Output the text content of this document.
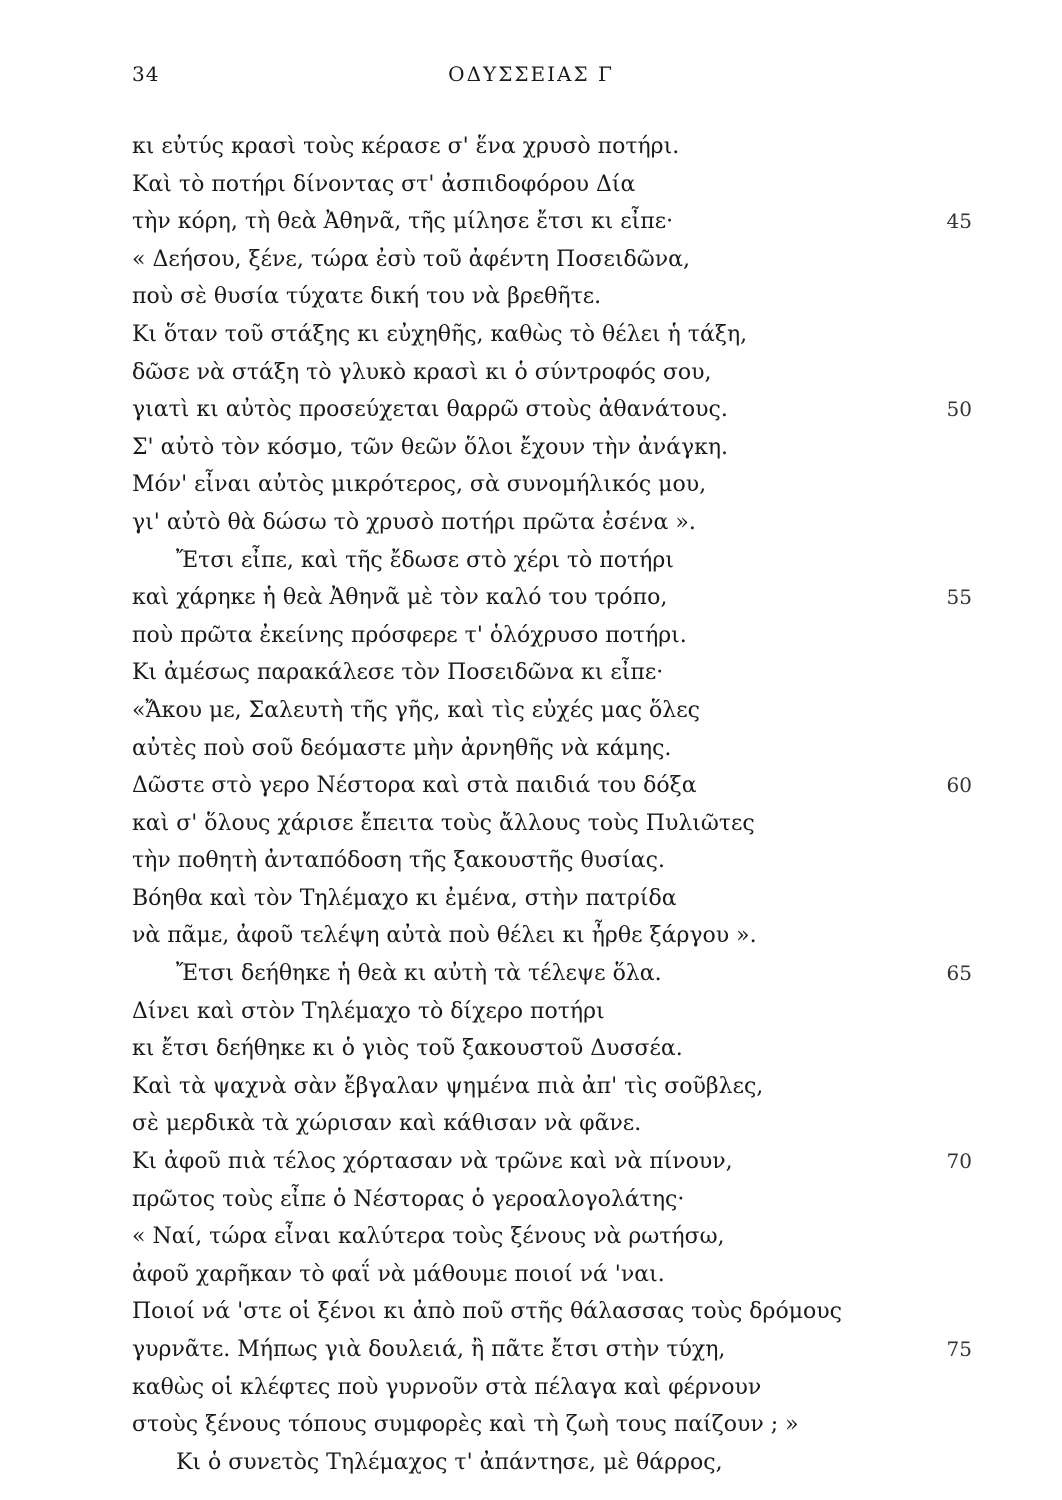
34	ΟΔΥΣΣΕΙΑΣ Γ
κι εὐτύς κρασὶ τοὺς κέρασε σ' ἕνα χρυσὸ ποτήρι.
Καὶ τὸ ποτήρι δίνοντας στ' ἀσπιδοφόρου Δία
τὴν κόρη, τὴ θεὰ Ἀθηνᾶ, τῆς μίλησε ἔτσι κι εἶπε·	45
« Δεήσου, ξένε, τώρα ἐσὺ τοῦ ἀφέντη Ποσειδῶνα,
ποὺ σὲ θυσία τύχατε δική του νὰ βρεθῆτε.
Κι ὅταν τοῦ στάξης κι εὐχηθῆς, καθὼς τὸ θέλει ἡ τάξη,
δῶσε νὰ στάξη τὸ γλυκὸ κρασὶ κι ὁ σύντροφός σου,
γιατὶ κι αὐτὸς προσεύχεται θαρρῶ στοὺς ἀθανάτους.	50
Σ' αὐτὸ τὸν κόσμο, τῶν θεῶν ὅλοι ἔχουν τὴν ἀνάγκη.
Μόν' εἶναι αὐτὸς μικρότερος, σὰ συνομήλικός μου,
γι' αὐτὸ θὰ δώσω τὸ χρυσὸ ποτήρι πρῶτα ἐσένα ».
Ἔτσι εἶπε, καὶ τῆς ἔδωσε στὸ χέρι τὸ ποτήρι
καὶ χάρηκε ἡ θεὰ Ἀθηνᾶ μὲ τὸν καλό του τρόπο,	55
ποὺ πρῶτα ἐκείνης πρόσφερε τ' ὁλόχρυσο ποτήρι.
Κι ἀμέσως παρακάλεσε τὸν Ποσειδῶνα κι εἶπε·
«Ἄκου με, Σαλευτὴ τῆς γῆς, καὶ τὶς εὐχές μας ὅλες
αὐτὲς ποὺ σοῦ δεόμαστε μὴν ἀρνηθῆς νὰ κάμης.
Δῶστε στὸ γερο Νέστορα καὶ στὰ παιδιά του δόξα	60
καὶ σ' ὅλους χάρισε ἔπειτα τοὺς ἄλλους τοὺς Πυλιῶτες
τὴν ποθητὴ ἀνταπόδοση τῆς ξακουστῆς θυσίας.
Βόηθα καὶ τὸν Τηλέμαχο κι ἐμένα, στὴν πατρίδα
νὰ πᾶμε, ἀφοῦ τελέψη αὐτὰ ποὺ θέλει κι ἦρθε ξάργου ».
Ἔτσι δεήθηκε ἡ θεὰ κι αὐτὴ τὰ τέλεψε ὅλα.	65
Δίνει καὶ στὸν Τηλέμαχο τὸ δίχερο ποτήρι
κι ἔτσι δεήθηκε κι ὁ γιὸς τοῦ ξακουστοῦ Δυσσέα.
Καὶ τὰ ψαχνὰ σὰν ἔβγαλαν ψημένα πιὰ ἀπ' τὶς σοῦβλες,
σὲ μερδικὰ τὰ χώρισαν καὶ κάθισαν νὰ φᾶνε.
Κι ἀφοῦ πιὰ τέλος χόρτασαν νὰ τρῶνε καὶ νὰ πίνουν,	70
πρῶτος τοὺς εἶπε ὁ Νέστορας ὁ γεροαλογολάτης·
« Ναί, τώρα εἶναι καλύτερα τοὺς ξένους νὰ ρωτήσω,
ἀφοῦ χαρῆκαν τὸ φαΐ νὰ μάθουμε ποιοί νά 'ναι.
Ποιοί νά 'στε οἱ ξένοι κι ἀπὸ ποῦ στῆς θάλασσας τοὺς δρόμους
γυρνᾶτε. Μήπως γιὰ δουλειά, ἢ πᾶτε ἔτσι στὴν τύχη,	75
καθὼς οἱ κλέφτες ποὺ γυρνοῦν στὰ πέλαγα καὶ φέρνουν
στοὺς ξένους τόπους συμφορὲς καὶ τὴ ζωὴ τους παίζουν ; »
Κι ὁ συνετὸς Τηλέμαχος τ' ἀπάντησε, μὲ θάρρος,
